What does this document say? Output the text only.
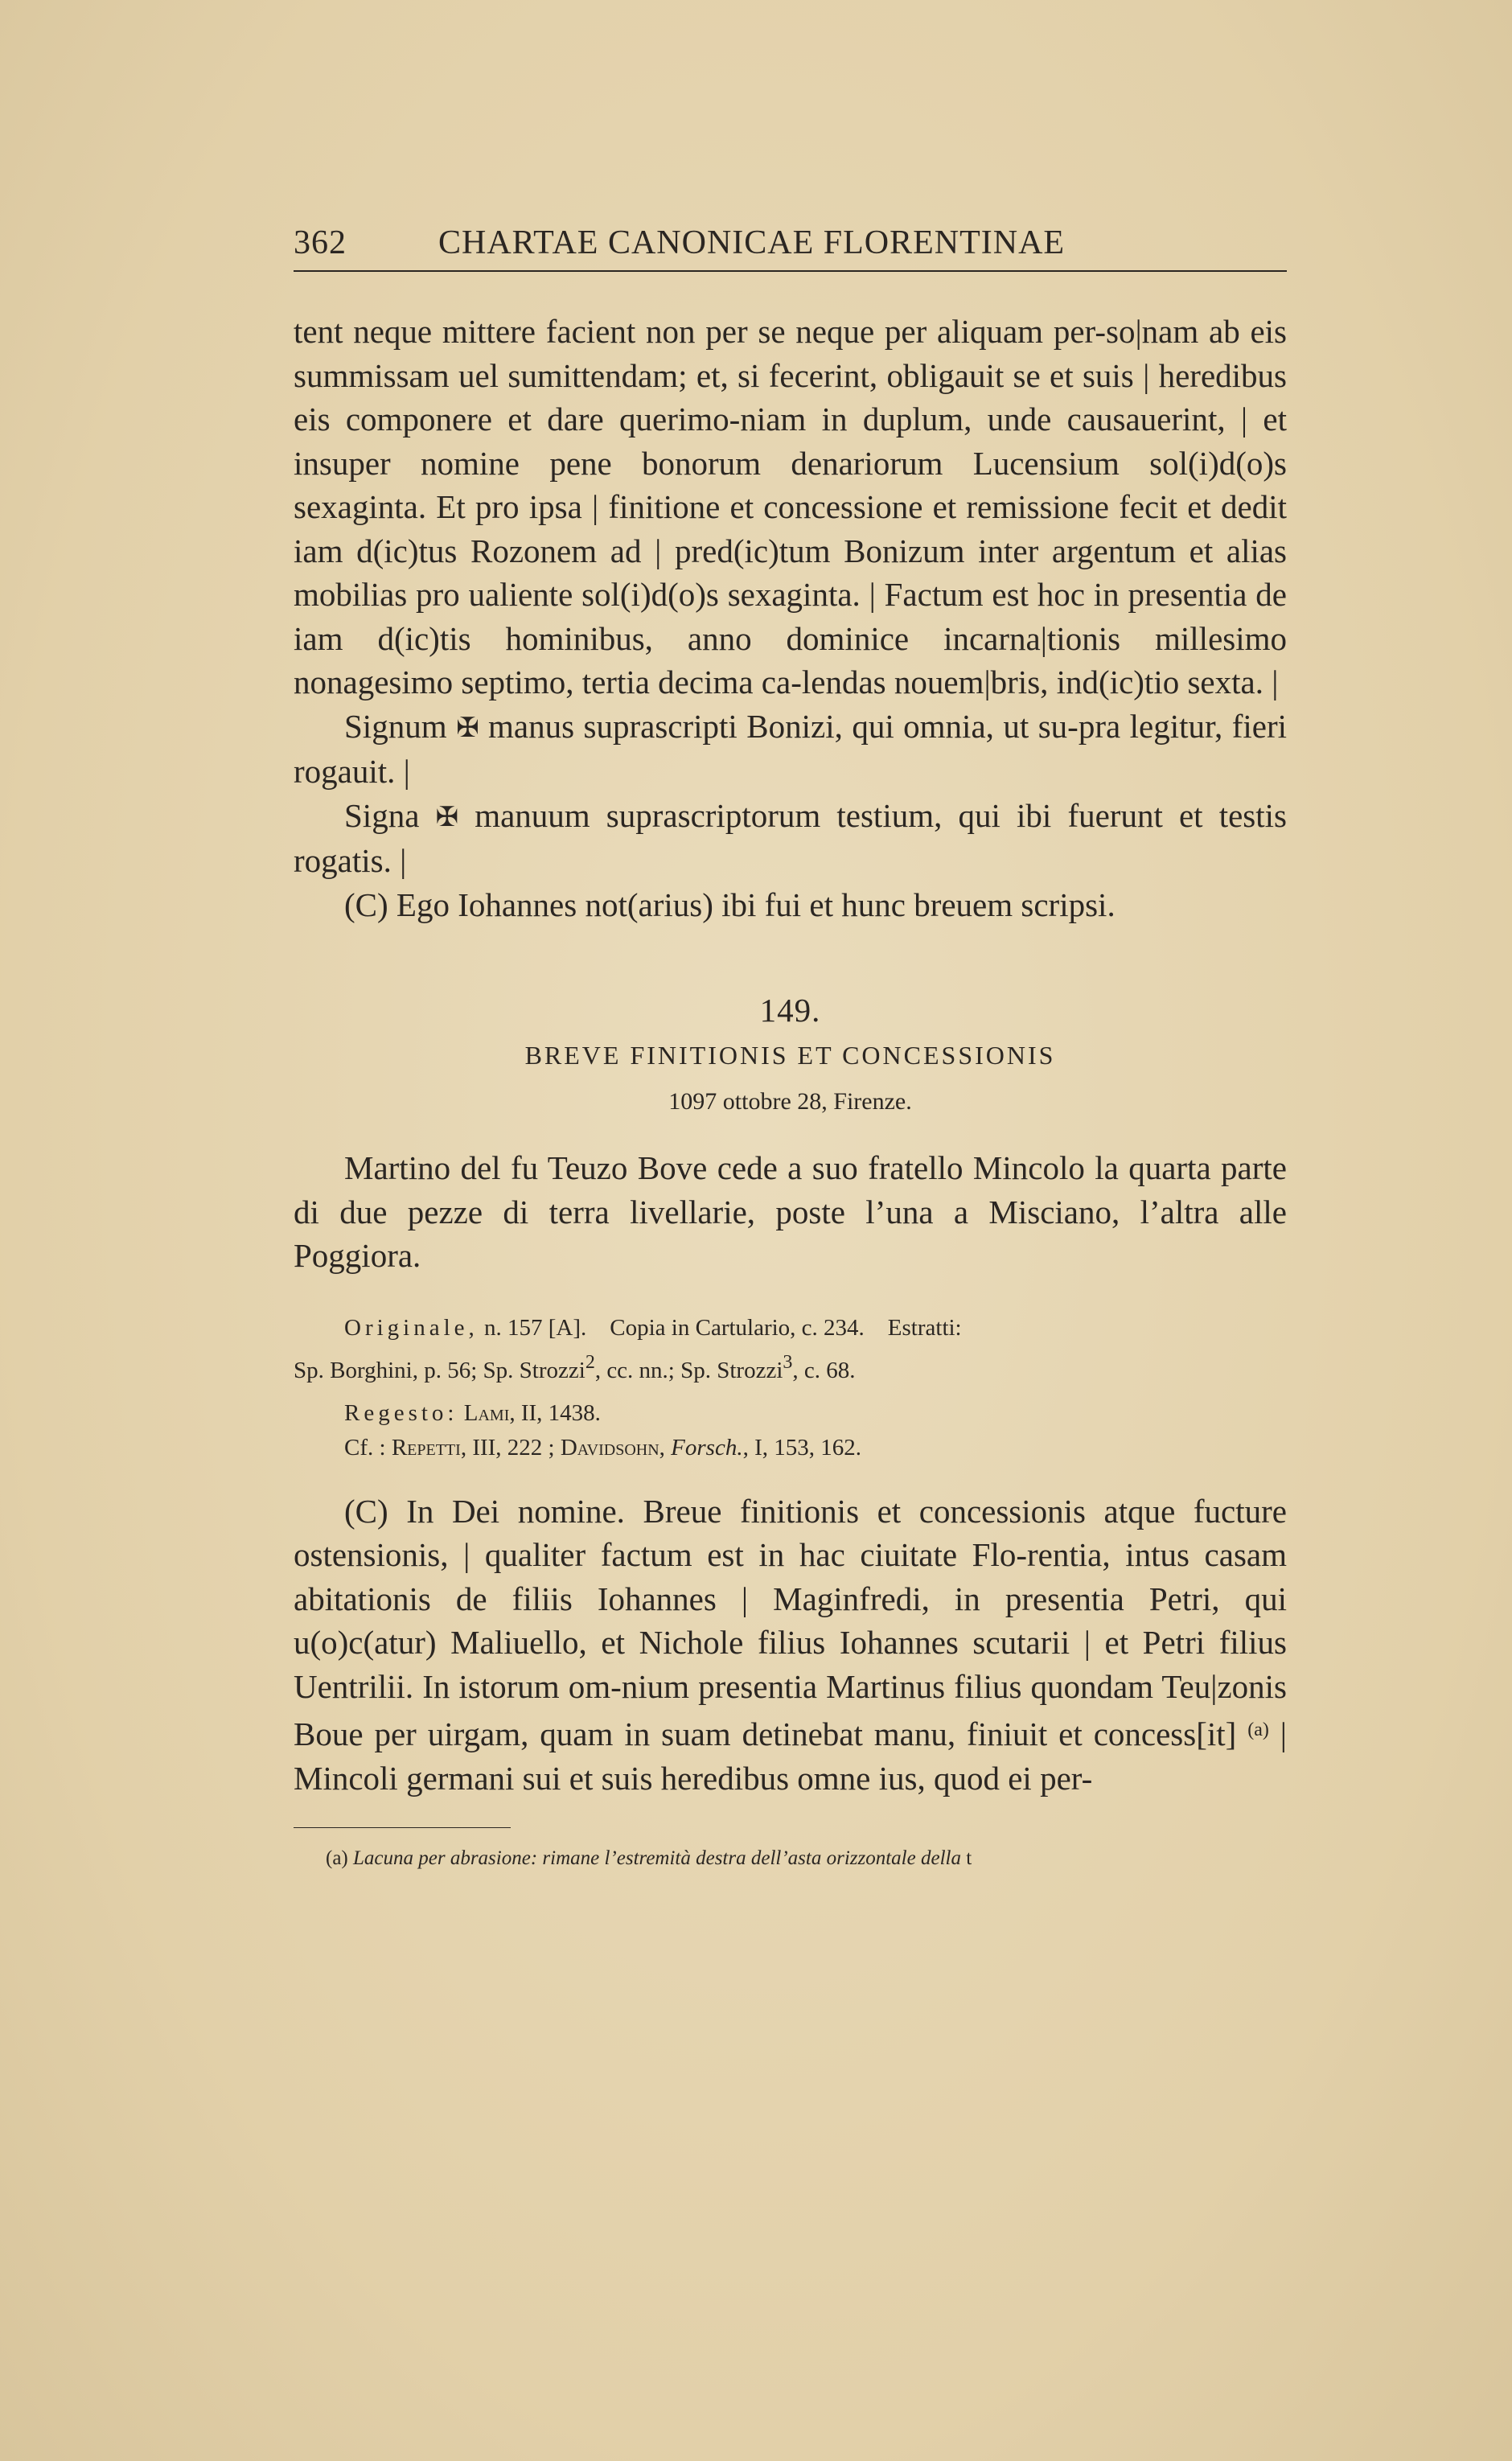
362	CHARTAE CANONICAE FLORENTINAE

tent neque mittere facient non per se neque per aliquam per-so|nam ab eis summissam uel sumittendam; et, si fecerint, obligauit se et suis | heredibus eis componere et dare querimo-niam in duplum, unde causauerint, | et insuper nomine pene bonorum denariorum Lucensium sol(i)d(o)s sexaginta. Et pro ipsa | finitione et concessione et remissione fecit et dedit iam d(ic)tus Rozonem ad | pred(ic)tum Bonizum inter argentum et alias mobilias pro ualiente sol(i)d(o)s sexaginta. | Factum est hoc in presentia de iam d(ic)tis hominibus, anno dominice incarna|tionis millesimo nonagesimo septimo, tertia decima ca-lendas nouem|bris, ind(ic)tio sexta. |

Signum ✠ manus suprascripti Bonizi, qui omnia, ut su-pra legitur, fieri rogauit. |

Signa ✠ manuum suprascriptorum testium, qui ibi fuerunt et testis rogatis. |

(C) Ego Iohannes not(arius) ibi fui et hunc breuem scripsi.

149.
BREVE FINITIONIS ET CONCESSIONIS
1097 ottobre 28, Firenze.

Martino del fu Teuzo Bove cede a suo fratello Mincolo la quarta parte di due pezze di terra livellarie, poste l’una a Misciano, l’altra alle Poggiora.

Originale, n. 157 [A].    Copia in Cartulario, c. 234.    Estratti:
Sp. Borghini, p. 56; Sp. Strozzi$^2$, cc. nn.; Sp. Strozzi$^3$, c. 68.
Regesto: Lami, II, 1438.
Cf. : Repetti, III, 222 ; Davidsohn, Forsch., I, 153, 162.

(C) In Dei nomine. Breue finitionis et concessionis atque fucture ostensionis, | qualiter factum est in hac ciuitate Flo-rentia, intus casam abitationis de filiis Iohannes | Maginfredi, in presentia Petri, qui u(o)c(atur) Maliuello, et Nichole filius Iohannes scutarii | et Petri filius Uentrilii. In istorum om-nium presentia Martinus filius quondam Teu|zonis Boue per uirgam, quam in suam detinebat manu, finiuit et concess[it] $^{(a)}$ | Mincoli germani sui et suis heredibus omne ius, quod ei per-

(a) Lacuna per abrasione: rimane l’estremità destra dell’asta orizzontale della t
